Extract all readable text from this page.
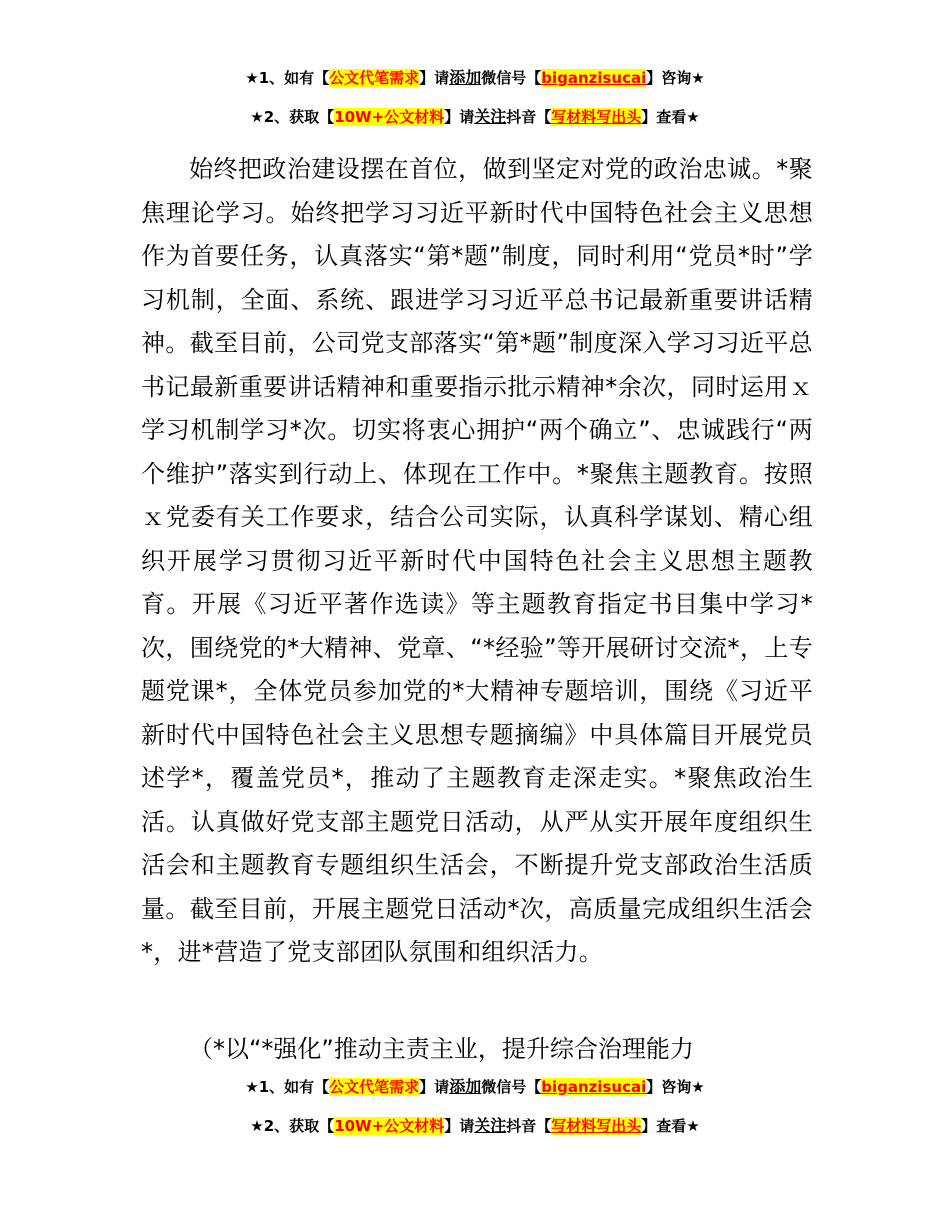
★1、如有【公文代笔需求】请添加微信号【biganzisucai】咨询★
★2、获取【10W+公文材料】请关注抖音【写材料写出头】查看★

始终把政治建设摆在首位，做到坚定对党的政治忠诚。*聚焦理论学习。始终把学习习近平新时代中国特色社会主义思想作为首要任务，认真落实“第*题”制度，同时利用“党员*时”学习机制，全面、系统、跟进学习习近平总书记最新重要讲话精神。截至目前，公司党支部落实“第*题”制度深入学习习近平总书记最新重要讲话精神和重要指示批示精神*余次，同时运用ｘ学习机制学习*次。切实将衷心拥护“两个确立”、忠诚践行“两个维护”落实到行动上、体现在工作中。*聚焦主题教育。按照ｘ党委有关工作要求，结合公司实际，认真科学谋划、精心组织开展学习贯彻习近平新时代中国特色社会主义思想主题教育。开展《习近平著作选读》等主题教育指定书目集中学习*次，围绕党的*大精神、党章、“*经验”等开展研讨交流*，上专题党课*，全体党员参加党的*大精神专题培训，围绕《习近平新时代中国特色社会主义思想专题摘编》中具体篇目开展党员述学*，覆盖党员*，推动了主题教育走深走实。*聚焦政治生活。认真做好党支部主题党日活动，从严从实开展年度组织生活会和主题教育专题组织生活会，不断提升党支部政治生活质量。截至目前，开展主题党日活动*次，高质量完成组织生活会*，进*营造了党支部团队氛围和组织活力。

（*以“*强化”推动主责主业，提升综合治理能力

★1、如有【公文代笔需求】请添加微信号【biganzisucai】咨询★
★2、获取【10W+公文材料】请关注抖音【写材料写出头】查看★
